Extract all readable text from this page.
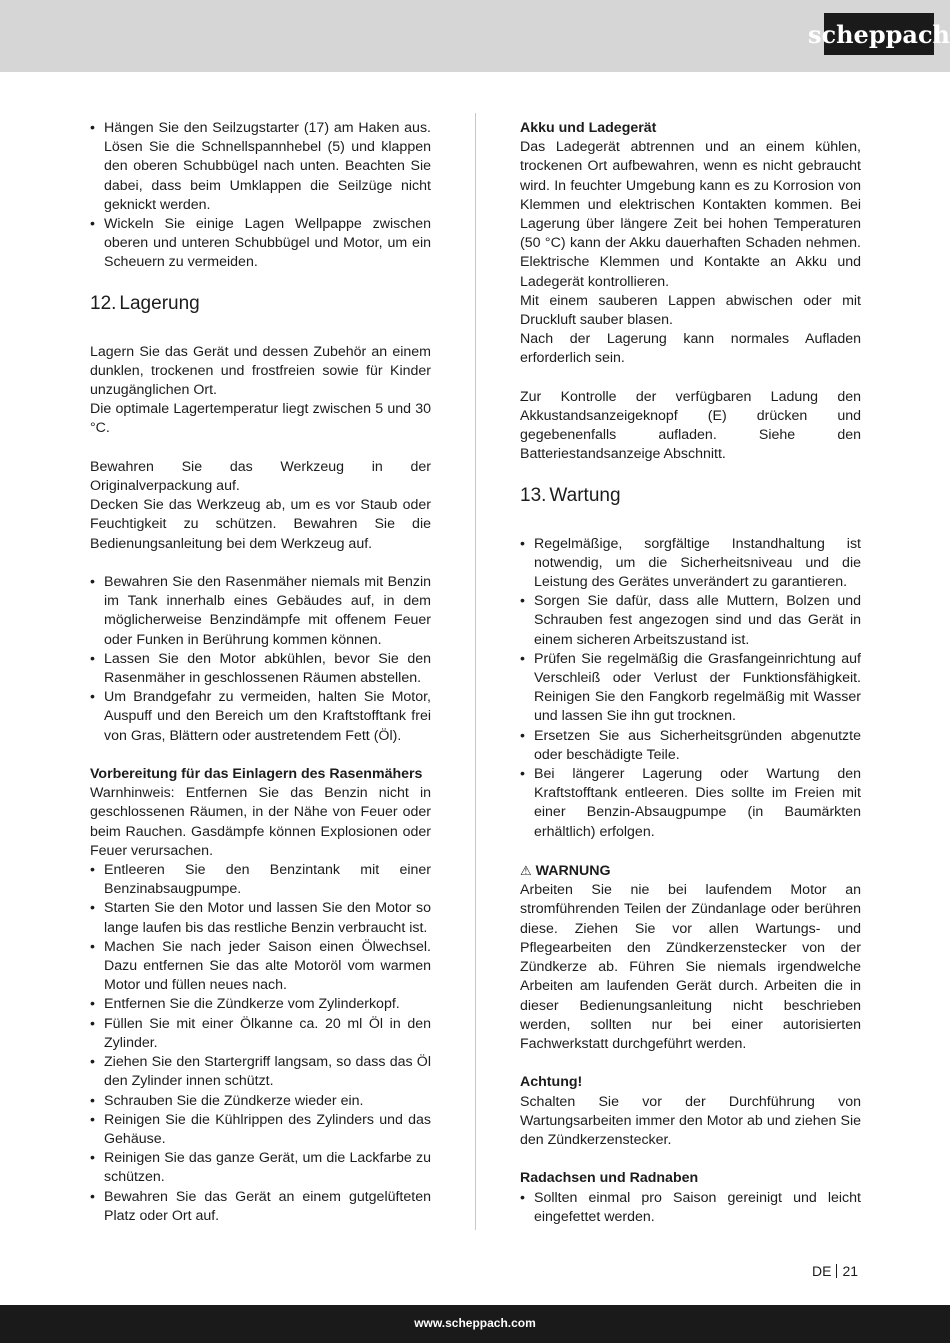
scheppach
• Hängen Sie den Seilzugstarter (17) am Haken aus. Lösen Sie die Schnellspannhebel (5) und klappen den oberen Schubbügel nach unten. Beachten Sie dabei, dass beim Umklappen die Seilzüge nicht geknickt werden.
• Wickeln Sie einige Lagen Wellpappe zwischen oberen und unteren Schubbügel und Motor, um ein Scheuern zu vermeiden.
12. Lagerung

Lagern Sie das Gerät und dessen Zubehör an einem dunklen, trockenen und frostfreien sowie für Kinder unzugänglichen Ort.

Die optimale Lagertemperatur liegt zwischen 5 und 30 °C.

Bewahren Sie das Werkzeug in der Originalverpackung auf.

Decken Sie das Werkzeug ab, um es vor Staub oder Feuchtigkeit zu schützen. Bewahren Sie die Bedienungsanleitung bei dem Werkzeug auf.

• Bewahren Sie den Rasenmäher niemals mit Benzin im Tank innerhalb eines Gebäudes auf, in dem möglicherweise Benzindämpfe mit offenem Feuer oder Funken in Berührung kommen können.
• Lassen Sie den Motor abkühlen, bevor Sie den Rasenmäher in geschlossenen Räumen abstellen.
• Um Brandgefahr zu vermeiden, halten Sie Motor, Auspuff und den Bereich um den Kraftstofftank frei von Gras, Blättern oder austretendem Fett (Öl).

Vorbereitung für das Einlagern des Rasenmähers

Warnhinweis: Entfernen Sie das Benzin nicht in geschlossenen Räumen, in der Nähe von Feuer oder beim Rauchen. Gasdämpfe können Explosionen oder Feuer verursachen.

• Entleeren Sie den Benzintank mit einer Benzinabsaugpumpe.
• Starten Sie den Motor und lassen Sie den Motor so lange laufen bis das restliche Benzin verbraucht ist.
• Machen Sie nach jeder Saison einen Ölwechsel. Dazu entfernen Sie das alte Motoröl vom warmen Motor und füllen neues nach.
• Entfernen Sie die Zündkerze vom Zylinderkopf.
• Füllen Sie mit einer Ölkanne ca. 20 ml Öl in den Zylinder.
• Ziehen Sie den Startergriff langsam, so dass das Öl den Zylinder innen schützt.
• Schrauben Sie die Zündkerze wieder ein.
• Reinigen Sie die Kühlrippen des Zylinders und das Gehäuse.
• Reinigen Sie das ganze Gerät, um die Lackfarbe zu schützen.
• Bewahren Sie das Gerät an einem gutgelüfteten Platz oder Ort auf.

Akku und Ladegerät

Das Ladegerät abtrennen und an einem kühlen, trockenen Ort aufbewahren, wenn es nicht gebraucht wird. In feuchter Umgebung kann es zu Korrosion von Klemmen und elektrischen Kontakten kommen. Bei Lagerung über längere Zeit bei hohen Temperaturen (50 °C) kann der Akku dauerhaften Schaden nehmen. Elektrische Klemmen und Kontakte an Akku und Ladegerät kontrollieren.

Mit einem sauberen Lappen abwischen oder mit Druckluft sauber blasen.

Nach der Lagerung kann normales Aufladen erforderlich sein.

Zur Kontrolle der verfügbaren Ladung den Akkustandsanzeigeknopf (E) drücken und gegebenenfalls aufladen. Siehe den Batteriestandsanzeige Abschnitt.

13. Wartung
• Regelmäßige, sorgfältige Instandhaltung ist notwendig, um die Sicherheitsniveau und die Leistung des Gerätes unverändert zu garantieren.
• Sorgen Sie dafür, dass alle Muttern, Bolzen und Schrauben fest angezogen sind und das Gerät in einem sicheren Arbeitszustand ist.
• Prüfen Sie regelmäßig die Grasfangeinrichtung auf Verschleiß oder Verlust der Funktionsfähigkeit. Reinigen Sie den Fangkorb regelmäßig mit Wasser und lassen Sie ihn gut trocknen.
• Ersetzen Sie aus Sicherheitsgründen abgenutzte oder beschädigte Teile.
• Bei längerer Lagerung oder Wartung den Kraftstofftank entleeren. Dies sollte im Freien mit einer Benzin-Absaugpumpe (in Baumärkten erhältlich) erfolgen.

⚠ WARNUNG

Arbeiten Sie nie bei laufendem Motor an stromführenden Teilen der Zündanlage oder berühren diese. Ziehen Sie vor allen Wartungs- und Pflegearbeiten den Zündkerzenstecker von der Zündkerze ab. Führen Sie niemals irgendwelche Arbeiten am laufenden Gerät durch. Arbeiten die in dieser Bedienungsanleitung nicht beschrieben werden, sollten nur bei einer autorisierten Fachwerkstatt durchgeführt werden.

Achtung!

Schalten Sie vor der Durchführung von Wartungsarbeiten immer den Motor ab und ziehen Sie den Zündkerzenstecker.

Radachsen und Radnaben

• Sollten einmal pro Saison gereinigt und leicht eingefettet werden.
DE 21
www.scheppach.com
